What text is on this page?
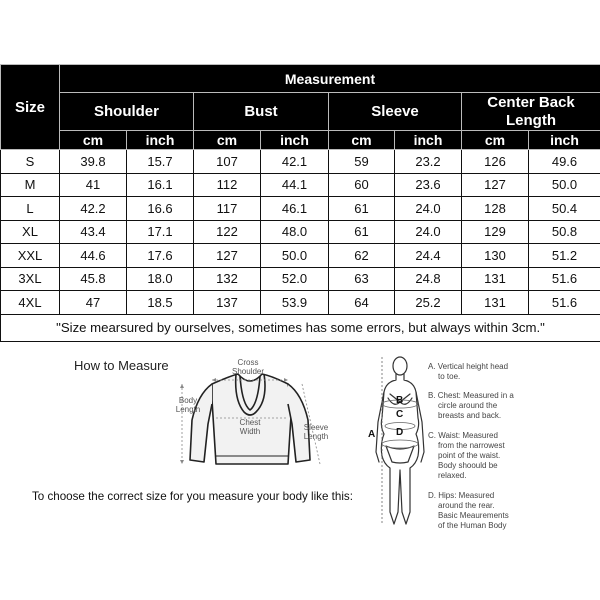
Size	Measurement							
	Shoulder		Bust		Sleeve		Center Back Length	
	cm	inch	cm	inch	cm	inch	cm	inch
S	39.8	15.7	107	42.1	59	23.2	126	49.6
M	41	16.1	112	44.1	60	23.6	127	50.0
L	42.2	16.6	117	46.1	61	24.0	128	50.4
XL	43.4	17.1	122	48.0	61	24.0	129	50.8
XXL	44.6	17.6	127	50.0	62	24.4	130	51.2
3XL	45.8	18.0	132	52.0	63	24.8	131	51.6
4XL	47	18.5	137	53.9	64	25.2	131	51.6
"Size mearsured by ourselves, sometimes has some errors, but always within 3cm."								
How to Measure	Cross Shoulder
Body Length
Chest Width	Sleeve Length
To choose the correct size for you measure your body like this:
A
B
C
D
A. Vertical height head
to toe.
B. Chest: Measured in a
circle around the
breasts and back.
C. Waist: Measured
from the narrowest
point of the waist.
Body shoould be
relaxed.
D. Hips: Measured
around the rear.
Basic Meaurements
of the Human Body
